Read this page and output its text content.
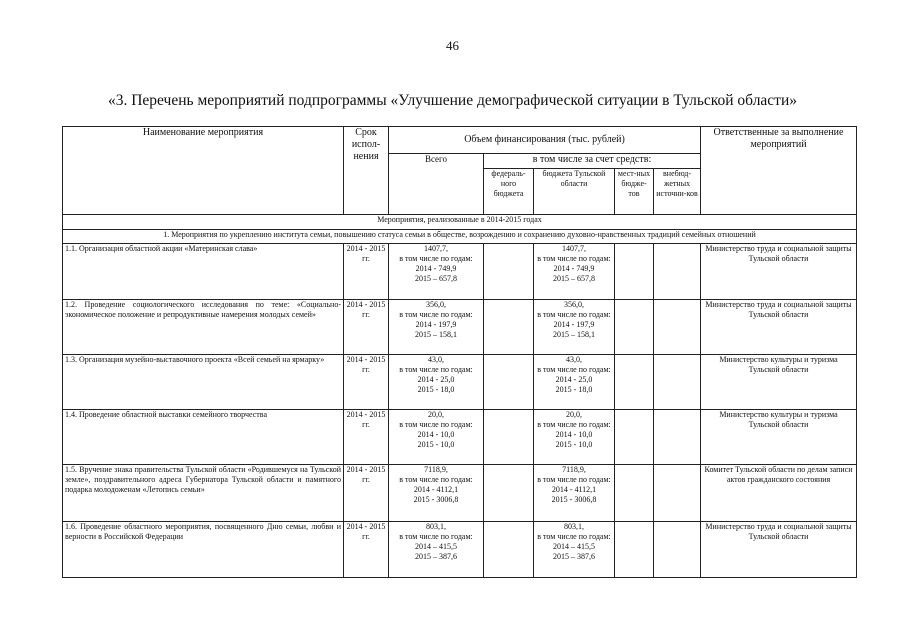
46
«3. Перечень мероприятий подпрограммы «Улучшение демографической ситуации в Тульской области»
Наименование мероприятия	Срок испол-нения	Объем финансирования (тыс. рублей)					Ответственные за выполнение мероприятий
		Всего	в том числе за счет средств:				
			федераль-ного бюджета	бюджета Тульской области	мест-ных бюдже-тов	внебюд-жетных источни-ков	
Мероприятия, реализованные в 2014-2015 годах							
1. Мероприятия по укреплению института семьи, повышению статуса семьи в обществе, возрождению и сохранению духовно-нравственных традиций семейных отношений							
1.1. Организация областной акции «Материнская слава»	2014 - 2015 гг.	1407,7,
в том числе по годам:
2014 - 749,9
2015 – 657,8		1407,7,
в том числе по годам:
2014 - 749,9
2015 – 657,8			Министерство труда и социальной защиты Тульской области
1.2. Проведение социологического исследования по теме: «Социально-экономическое положение и репродуктивные намерения молодых семей»	2014 - 2015 гг.	356,0,
в том числе по годам:
2014 - 197,9
2015 – 158,1		356,0,
в том числе по годам:
2014 - 197,9
2015 – 158,1			Министерство труда и социальной защиты Тульской области
1.3. Организация музейно-выставочного проекта «Всей семьей на ярмарку»	2014 - 2015 гг.	43,0,
в том числе по годам:
2014 - 25,0
2015 - 18,0		43,0,
в том числе по годам:
2014 - 25,0
2015 - 18,0			Министерство культуры и туризма Тульской области
1.4. Проведение областной выставки семейного творчества	2014 - 2015 гг.	20,0,
в том числе по годам:
2014 - 10,0
2015 - 10,0		20,0,
в том числе по годам:
2014 - 10,0
2015 - 10,0			Министерство культуры и туризма Тульской области
1.5. Вручение знака правительства Тульской области «Родившемуся на Тульской земле», поздравительного адреса Губернатора Тульской области и памятного подарка молодоженам «Летопись семьи»	2014 - 2015 гг.	7118,9,
в том числе по годам:
2014 - 4112,1
2015 - 3006,8		7118,9,
в том числе по годам:
2014 - 4112,1
2015 - 3006,8			Комитет Тульской области по делам записи актов гражданского состояния
1.6. Проведение областного мероприятия, посвященного Дню семьи, любви и верности в Российской Федерации	2014 - 2015 гг.	803,1,
в том числе по годам:
2014 – 415,5
2015 – 387,6		803,1,
в том числе по годам:
2014 – 415,5
2015 – 387,6			Министерство труда и социальной защиты Тульской области
